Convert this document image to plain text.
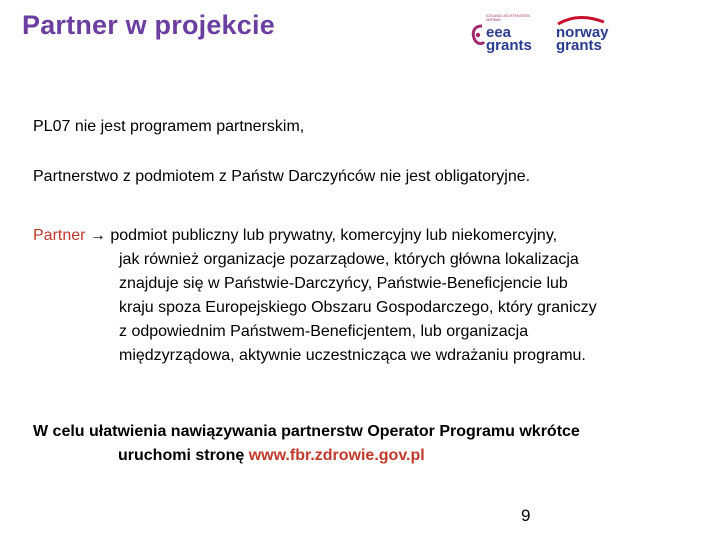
Partner w projekcie	ICELAND LIECHTENSTEIN NORWAY
eea
grants
norway
grants
PL07 nie jest programem partnerskim,
Partnerstwo z podmiotem z Państw Darczyńców nie jest obligatoryjne.
Partner → podmiot publiczny lub prywatny, komercyjny lub niekomercyjny,
jak również organizacje pozarządowe, których główna lokalizacja
znajduje się w Państwie-Darczyńcy, Państwie-Beneficjencie lub
kraju spoza Europejskiego Obszaru Gospodarczego, który graniczy
z odpowiednim Państwem-Beneficjentem, lub organizacja
międzyrządowa, aktywnie uczestnicząca we wdrażaniu programu.
W celu ułatwienia nawiązywania partnerstw Operator Programu wkrótce
uruchomi stronę www.fbr.zdrowie.gov.pl
9
